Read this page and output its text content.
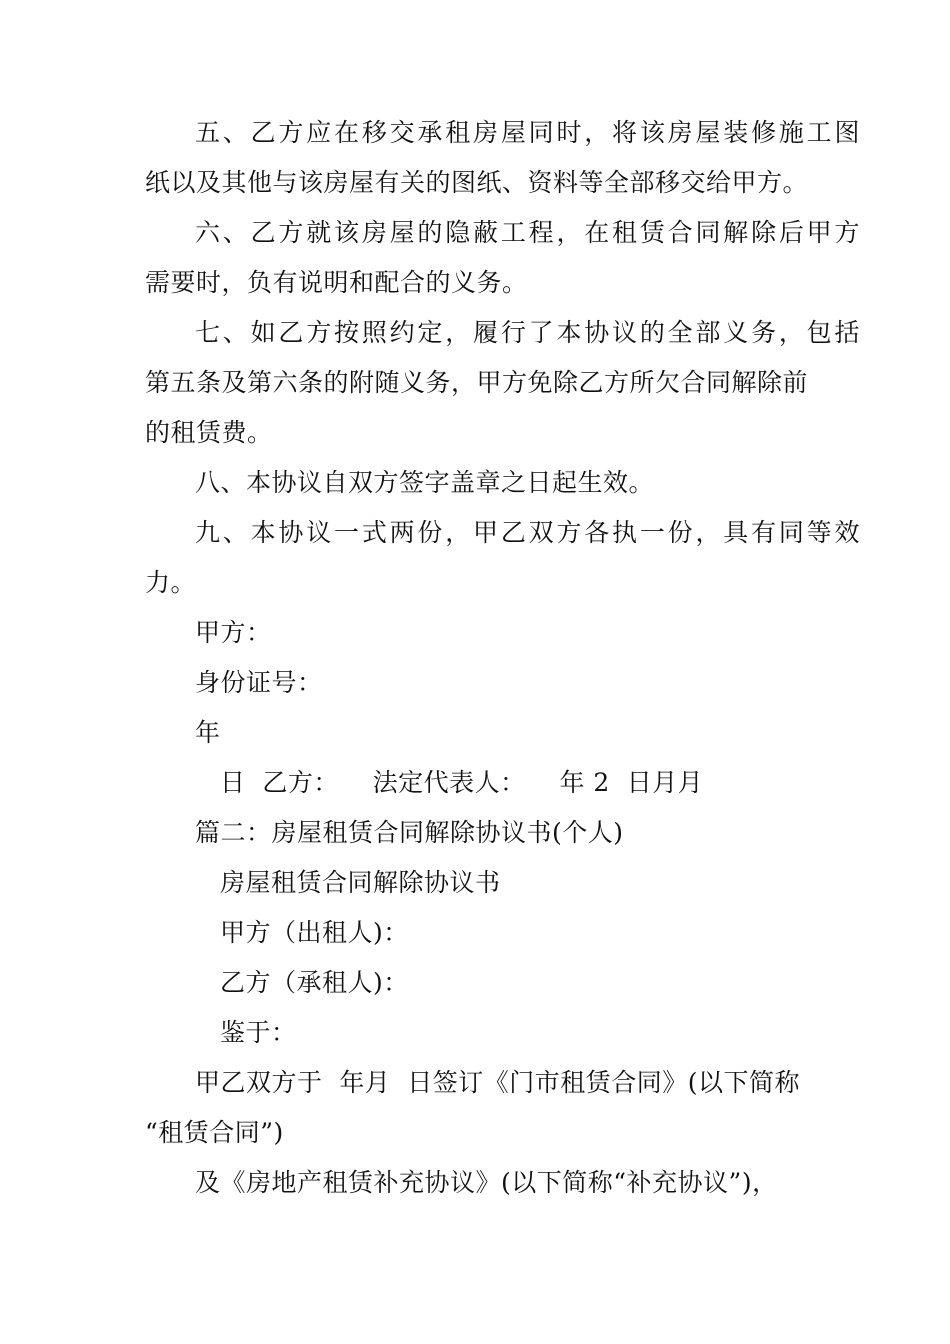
五、乙方应在移交承租房屋同时，将该房屋装修施工图
纸以及其他与该房屋有关的图纸、资料等全部移交给甲方。
六、乙方就该房屋的隐蔽工程，在租赁合同解除后甲方
需要时，负有说明和配合的义务。
七、如乙方按照约定，履行了本协议的全部义务，包括
第五条及第六条的附随义务，甲方免除乙方所欠合同解除前
的租赁费。
八、本协议自双方签字盖章之日起生效。
九、本协议一式两份，甲乙双方各执一份，具有同等效
力。
甲方：
身份证号：
年
日  乙方：    法定代表人：    年 2  日月月
篇二：房屋租赁合同解除协议书(个人)
房屋租赁合同解除协议书
甲方（出租人)：
乙方（承租人)：
鉴于：
甲乙双方于  年月  日签订《门市租赁合同》(以下简称
“租赁合同”)
及《房地产租赁补充协议》(以下简称“补充协议”)，
